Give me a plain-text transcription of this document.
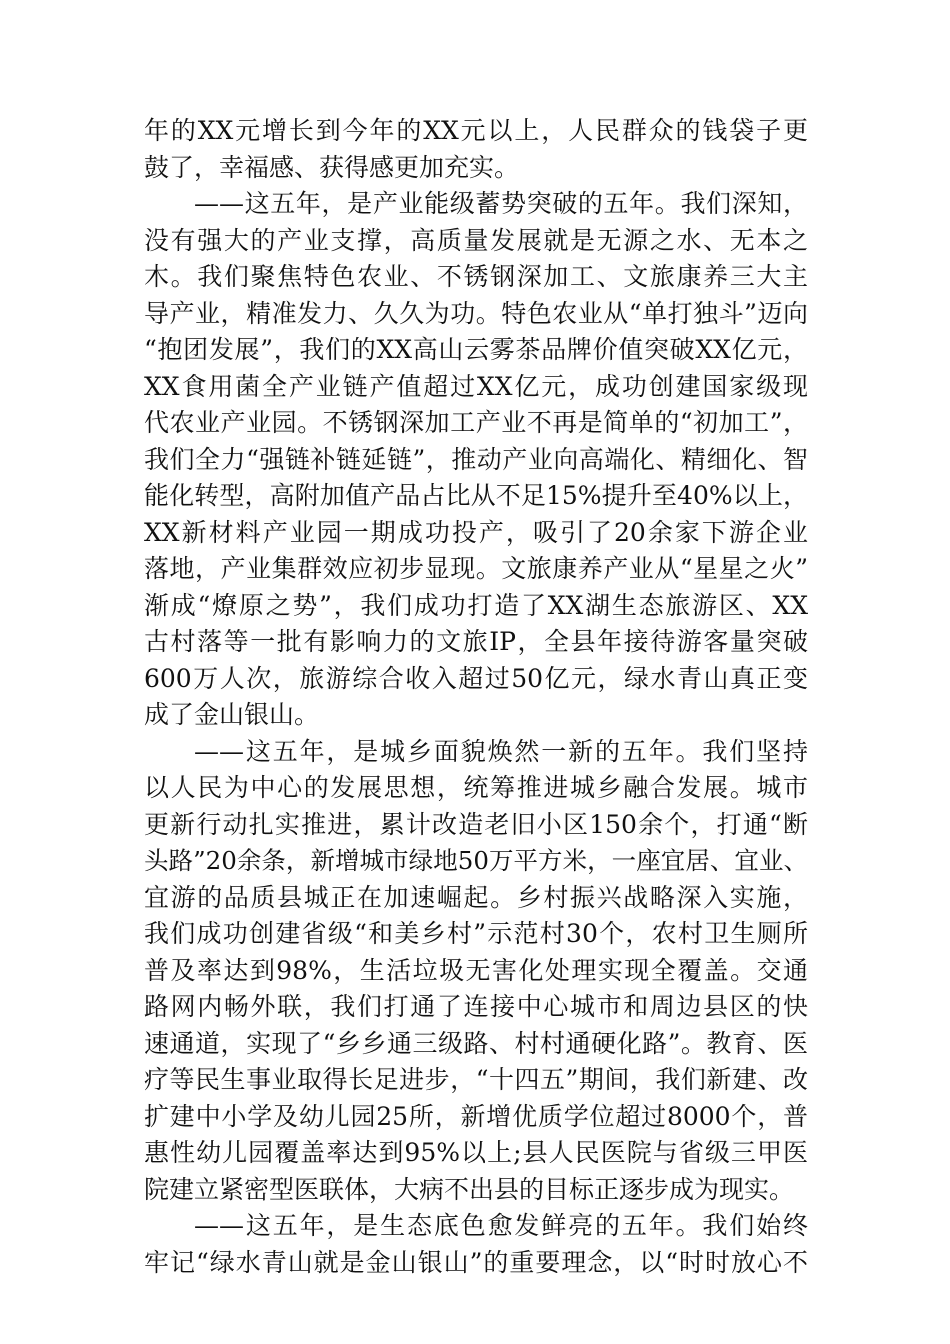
年的XX元增长到今年的XX元以上，人民群众的钱袋子更
鼓了，幸福感、获得感更加充实。
——这五年，是产业能级蓄势突破的五年。我们深知，
没有强大的产业支撑，高质量发展就是无源之水、无本之
木。我们聚焦特色农业、不锈钢深加工、文旅康养三大主
导产业，精准发力、久久为功。特色农业从“单打独斗”迈向
“抱团发展”，我们的XX高山云雾茶品牌价值突破XX亿元，
XX食用菌全产业链产值超过XX亿元，成功创建国家级现
代农业产业园。不锈钢深加工产业不再是简单的“初加工”，
我们全力“强链补链延链”，推动产业向高端化、精细化、智
能化转型，高附加值产品占比从不足15%提升至40%以上，
XX新材料产业园一期成功投产，吸引了20余家下游企业
落地，产业集群效应初步显现。文旅康养产业从“星星之火”
渐成“燎原之势”，我们成功打造了XX湖生态旅游区、XX
古村落等一批有影响力的文旅IP，全县年接待游客量突破
600万人次，旅游综合收入超过50亿元，绿水青山真正变
成了金山银山。
——这五年，是城乡面貌焕然一新的五年。我们坚持
以人民为中心的发展思想，统筹推进城乡融合发展。城市
更新行动扎实推进，累计改造老旧小区150余个，打通“断
头路”20余条，新增城市绿地50万平方米，一座宜居、宜业、
宜游的品质县城正在加速崛起。乡村振兴战略深入实施，
我们成功创建省级“和美乡村”示范村30个，农村卫生厕所
普及率达到98%，生活垃圾无害化处理实现全覆盖。交通
路网内畅外联，我们打通了连接中心城市和周边县区的快
速通道，实现了“乡乡通三级路、村村通硬化路”。教育、医
疗等民生事业取得长足进步，“十四五”期间，我们新建、改
扩建中小学及幼儿园25所，新增优质学位超过8000个，普
惠性幼儿园覆盖率达到95%以上;县人民医院与省级三甲医
院建立紧密型医联体，大病不出县的目标正逐步成为现实。
——这五年，是生态底色愈发鲜亮的五年。我们始终
牢记“绿水青山就是金山银山”的重要理念，以“时时放心不
